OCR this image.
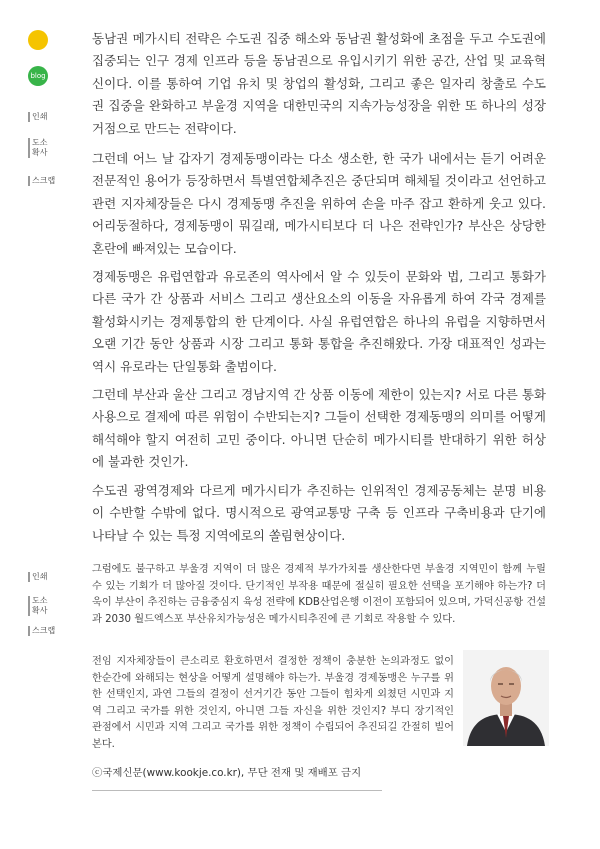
blog
인쇄
도소 확사
스크랩
인쇄
도소 확사
스크랩

동남권 메가시티 전략은 수도권 집중 해소와 동남권 활성화에 초점을 두고 수도권에 집중되는 인구 경제 인프라 등을 동남권으로 유입시키기 위한 공간, 산업 및 교육혁신이다. 이를 통하여 기업 유치 및 창업의 활성화, 그리고 좋은 일자리 창출로 수도권 집중을 완화하고 부울경 지역을 대한민국의 지속가능성장을 위한 또 하나의 성장거점으로 만드는 전략이다.

그런데 어느 날 갑자기 경제동맹이라는 다소 생소한, 한 국가 내에서는 듣기 어려운 전문적인 용어가 등장하면서 특별연합체추진은 중단되며 해체될 것이라고 선언하고 관련 지자체장들은 다시 경제동맹 추진을 위하여 손을 마주 잡고 환하게 웃고 있다. 어리둥절하다, 경제동맹이 뭐길래, 메가시티보다 더 나은 전략인가? 부산은 상당한 혼란에 빠져있는 모습이다.

경제동맹은 유럽연합과 유로존의 역사에서 알 수 있듯이 문화와 법, 그리고 통화가 다른 국가 간 상품과 서비스 그리고 생산요소의 이동을 자유롭게 하여 각국 경제를 활성화시키는 경제통합의 한 단계이다. 사실 유럽연합은 하나의 유럽을 지향하면서 오랜 기간 동안 상품과 시장 그리고 통화 통합을 추진해왔다. 가장 대표적인 성과는 역시 유로라는 단일통화 출범이다.

그런데 부산과 울산 그리고 경남지역 간 상품 이동에 제한이 있는지? 서로 다른 통화 사용으로 결제에 따른 위험이 수반되는지? 그들이 선택한 경제동맹의 의미를 어떻게 해석해야 할지 여전히 고민 중이다. 아니면 단순히 메가시티를 반대하기 위한 허상에 불과한 것인가.

수도권 광역경제와 다르게 메가시티가 추진하는 인위적인 경제공동체는 분명 비용이 수반할 수밖에 없다. 명시적으로 광역교통망 구축 등 인프라 구축비용과 단기에 나타날 수 있는 특정 지역에로의 쏠림현상이다.

그럼에도 불구하고 부울경 지역이 더 많은 경제적 부가가치를 생산한다면 부울경 지역민이 함께 누릴 수 있는 기회가 더 많아질 것이다. 단기적인 부작용 때문에 절실히 필요한 선택을 포기해야 하는가? 더욱이 부산이 추진하는 금융중심지 육성 전략에 KDB산업은행 이전이 포함되어 있으며, 가덕신공항 건설과 2030 월드엑스포 부산유치가능성은 메가시티추진에 큰 기회로 작용할 수 있다.

전임 지자체장들이 큰소리로 환호하면서 결정한 정책이 충분한 논의과정도 없이 한순간에 와해되는 현상을 어떻게 설명해야 하는가. 부울경 경제동맹은 누구를 위한 선택인지, 과연 그들의 결정이 선거기간 동안 그들이 힘차게 외쳤던 시민과 지역 그리고 국가를 위한 것인지, 아니면 그들 자신을 위한 것인지? 부디 장기적인 관점에서 시민과 지역 그리고 국가를 위한 정책이 수립되어 추진되길 간절히 빌어본다.

ⓒ국제신문(www.kookje.co.kr), 무단 전재 및 재배포 금지
